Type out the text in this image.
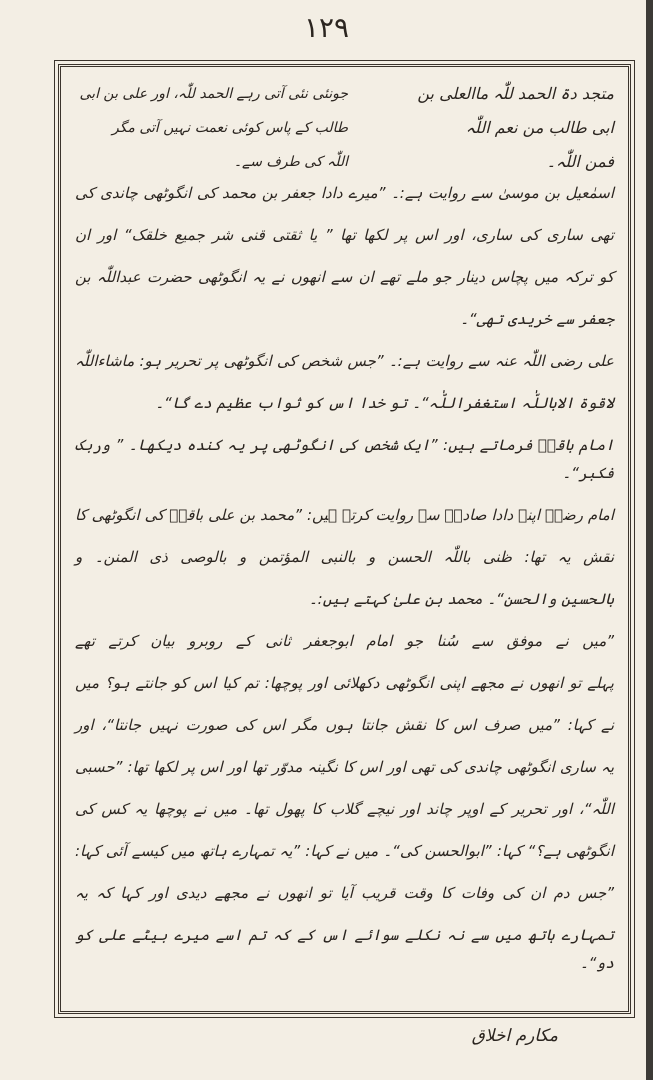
۱۲۹
متجد دۃ الحمد للّٰہ ماالعلی بن
جونئی نئی آتی رہے الحمد للّٰہ، اور علی بن ابی
ابی طالب من نعم اللّٰہ
طالب کے پاس کوئی نعمت نہیں آتی مگر
فمن اللّٰہ۔
اللّٰہ کی طرف سے۔
اسمٰعیل بن موسیٰ سے روایت ہے:۔ ”میرے دادا جعفر بن محمد کی انگوٹھی چاندی کی
تھی ساری کی ساری، اور اس پر لکھا تھا ” یا ثقتی قنی شر جمیع خلقک“ اور ان
کو ترکہ میں پچاس دینار جو ملے تھے ان سے انھوں نے یہ انگوٹھی حضرت عبداللّٰہ بن
جعفر سے خریدی تھی“۔
علی رضی اللّٰہ عنہ سے روایت ہے:۔ ”جس شخص کی انگوٹھی پر تحریر ہو: ماشاءاللّٰہ
لاقوۃ الاباللّٰہ استغفراللّٰہ“۔ تو خدا اس کو ثواب عظیم دے گا“۔
امام باقرؑ فرماتے ہیں: ”ایک شخص کی انگوٹھی پر یہ کندہ دیکھا۔ ” وربک فکبر“۔
امام رضاؑ اپنے دادا صادقؑ سے روایت کرتے ہیں: ”محمد بن علی باقرؑ کی انگوٹھی کا
نقش یہ تھا: ظنی باللّٰہ الحسن و بالنبی المؤتمن و بالوصی ذی المنن۔ و
بالحسین والحسن“۔ محمد بن علیٰ کہتے ہیں:۔
”میں نے موفق سے سُنا جو امام ابوجعفر ثانی کے روبرو بیان کرتے تھے
پہلے تو انھوں نے مجھے اپنی انگوٹھی دکھلائی اور پوچھا: تم کیا اس کو جانتے ہو؟ میں
نے کہا: ”میں صرف اس کا نقش جانتا ہوں مگر اس کی صورت نہیں جانتا“، اور
یہ ساری انگوٹھی چاندی کی تھی اور اس کا نگینہ مدوّر تھا اور اس پر لکھا تھا: ”حسبی
اللّٰہ“، اور تحریر کے اوپر چاند اور نیچے گلاب کا پھول تھا۔ میں نے پوچھا یہ کس کی
انگوٹھی ہے؟“ کہا: ”ابوالحسن کی“۔ میں نے کہا: ”یہ تمہارے ہاتھ میں کیسے آئی کہا:
”جس دم ان کی وفات کا وقت قریب آیا تو انھوں نے مجھے دیدی اور کہا کہ یہ
تمہارے ہاتھ میں سے نہ نکلے سوائے اس کے کہ تم اسے میرے بیٹے علی کو دو“۔
مکارم اخلاق
